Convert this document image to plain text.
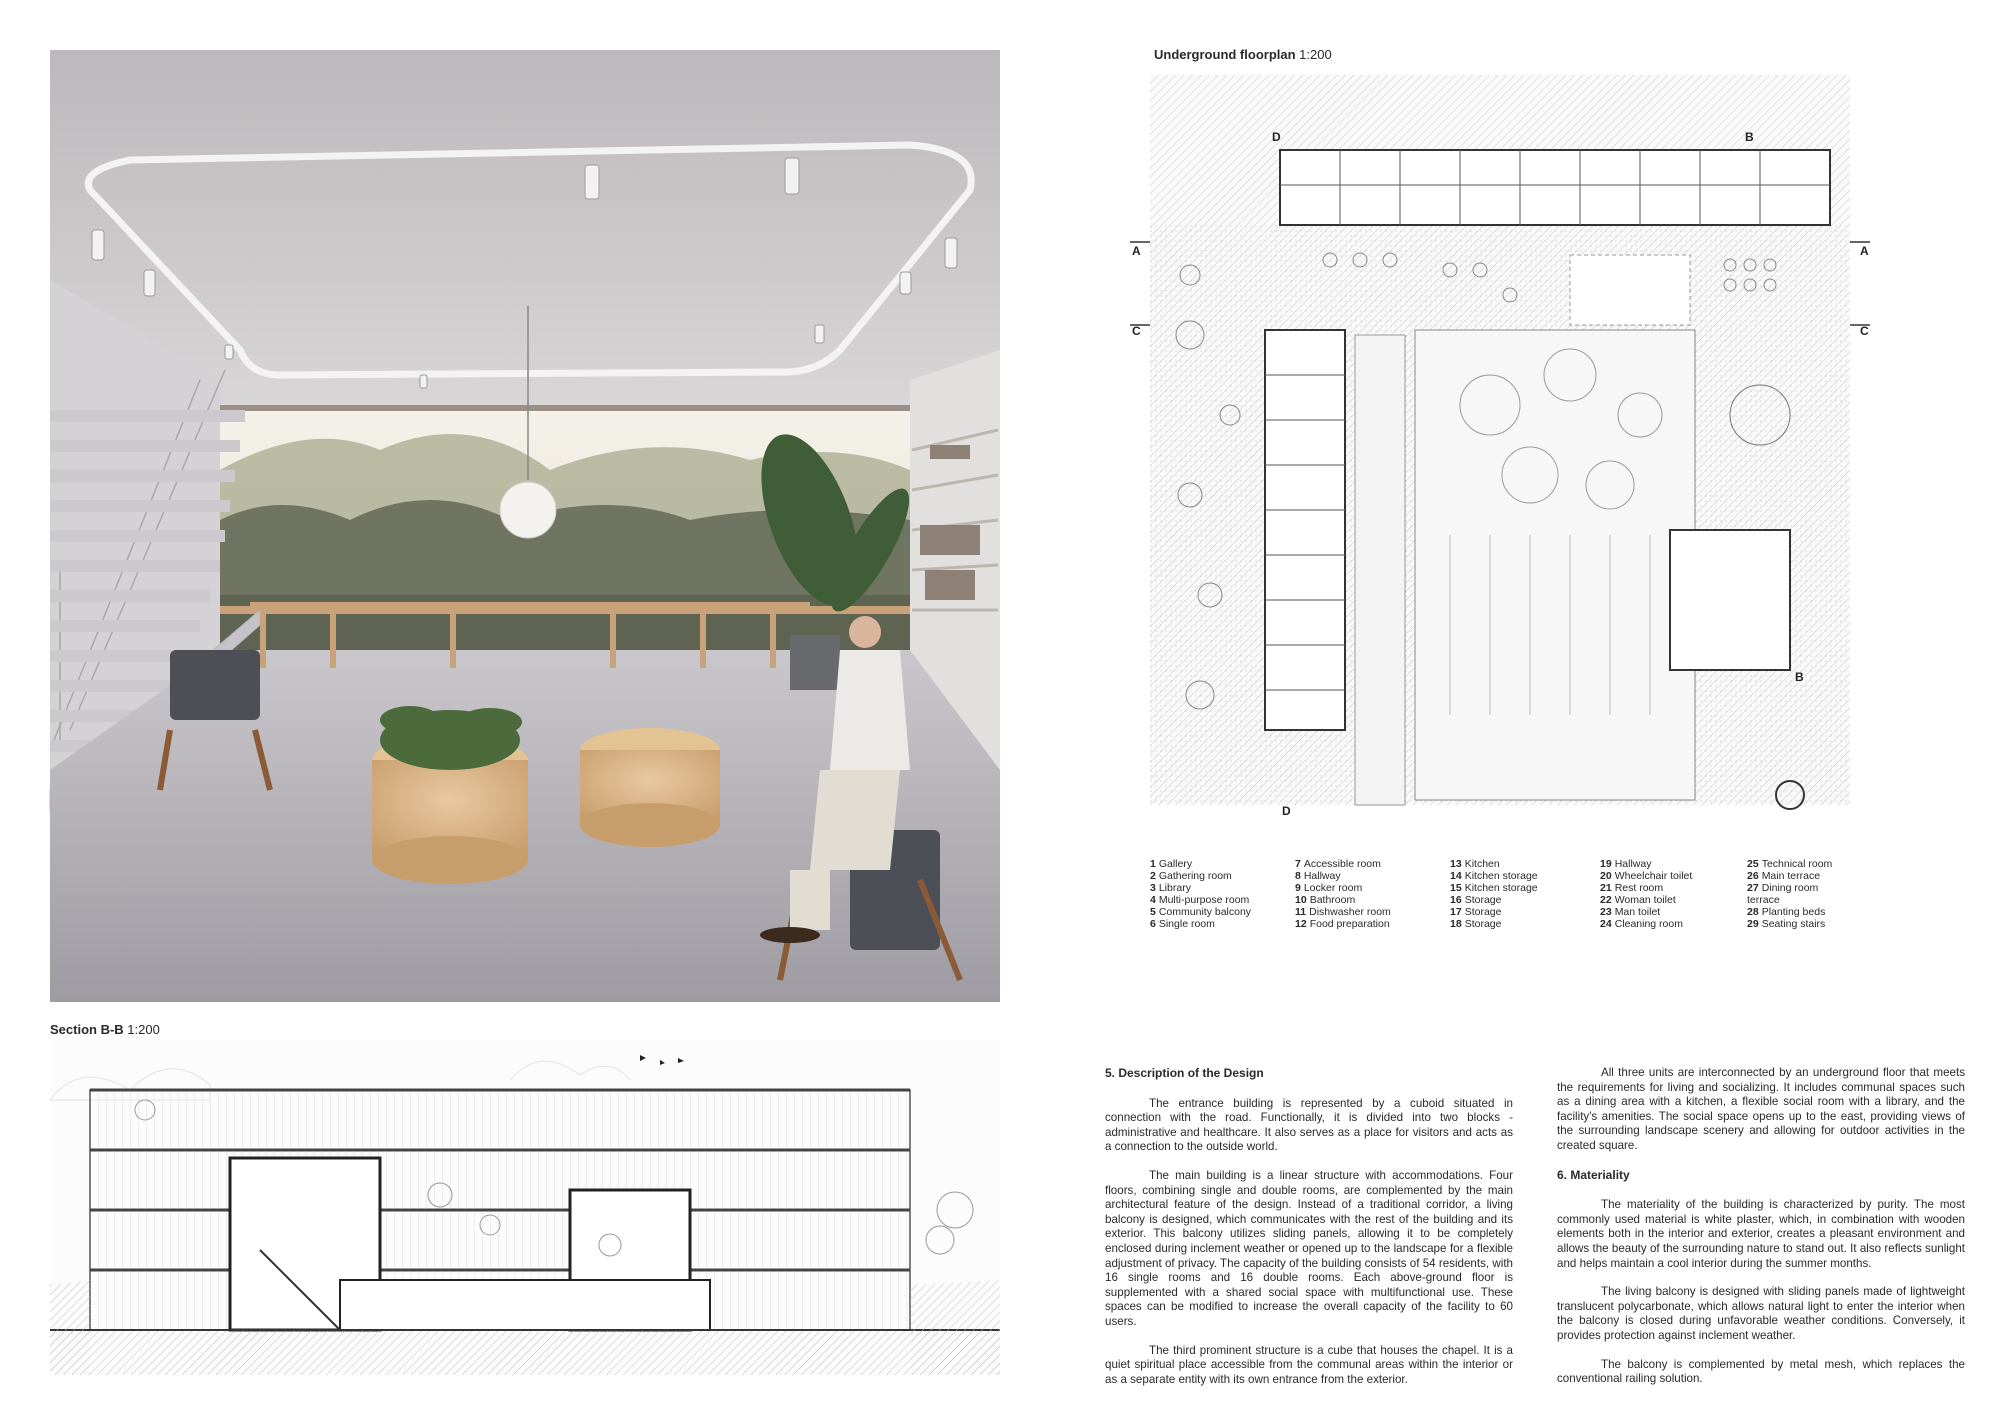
Underground floorplan 1:200
A	A
B
B
C	C
D
D
1 Gallery
2 Gathering room
3 Library
4 Multi-purpose room
5 Community balcony
6 Single room
7 Accessible room
8 Hallway
9 Locker room
10 Bathroom
11 Dishwasher room
12 Food preparation
13 Kitchen
14 Kitchen storage
15 Kitchen storage
16 Storage
17 Storage
18 Storage
19 Hallway
20 Wheelchair toilet
21 Rest room
22 Woman toilet
23 Man toilet
24 Cleaning room
25 Technical room
26 Main terrace
27 Dining room terrace
28 Planting beds
29 Seating stairs
Section B-B 1:200
5. Description of the Design

The entrance building is represented by a cuboid situated in connection with the road. Functionally, it is divided into two blocks - administrative and healthcare. It also serves as a place for visitors and acts as a connection to the outside world.

The main building is a linear structure with accommodations. Four floors, combining single and double rooms, are complemented by the main architectural feature of the design. Instead of a traditional corridor, a living balcony is designed, which communicates with the rest of the building and its exterior. This balcony utilizes sliding panels, allowing it to be completely enclosed during inclement weather or opened up to the landscape for a flexible adjustment of privacy. The capacity of the building consists of 54 residents, with 16 single rooms and 16 double rooms. Each above-ground floor is supplemented with a shared social space with multifunctional use. These spaces can be modified to increase the overall capacity of the facility to 60 users.

The third prominent structure is a cube that houses the chapel. It is a quiet spiritual place accessible from the communal areas within the interior or as a separate entity with its own entrance from the exterior.

All three units are interconnected by an underground floor that meets the requirements for living and socializing. It includes communal spaces such as a dining area with a kitchen, a flexible social room with a library, and the facility's amenities. The social space opens up to the east, providing views of the surrounding landscape scenery and allowing for outdoor activities in the created square.

6. Materiality

The materiality of the building is characterized by purity. The most commonly used material is white plaster, which, in combination with wooden elements both in the interior and exterior, creates a pleasant environment and allows the beauty of the surrounding nature to stand out. It also reflects sunlight and helps maintain a cool interior during the summer months.

The living balcony is designed with sliding panels made of lightweight translucent polycarbonate, which allows natural light to enter the interior when the balcony is closed during unfavorable weather conditions. Conversely, it provides protection against inclement weather.

The balcony is complemented by metal mesh, which replaces the conventional railing solution.
